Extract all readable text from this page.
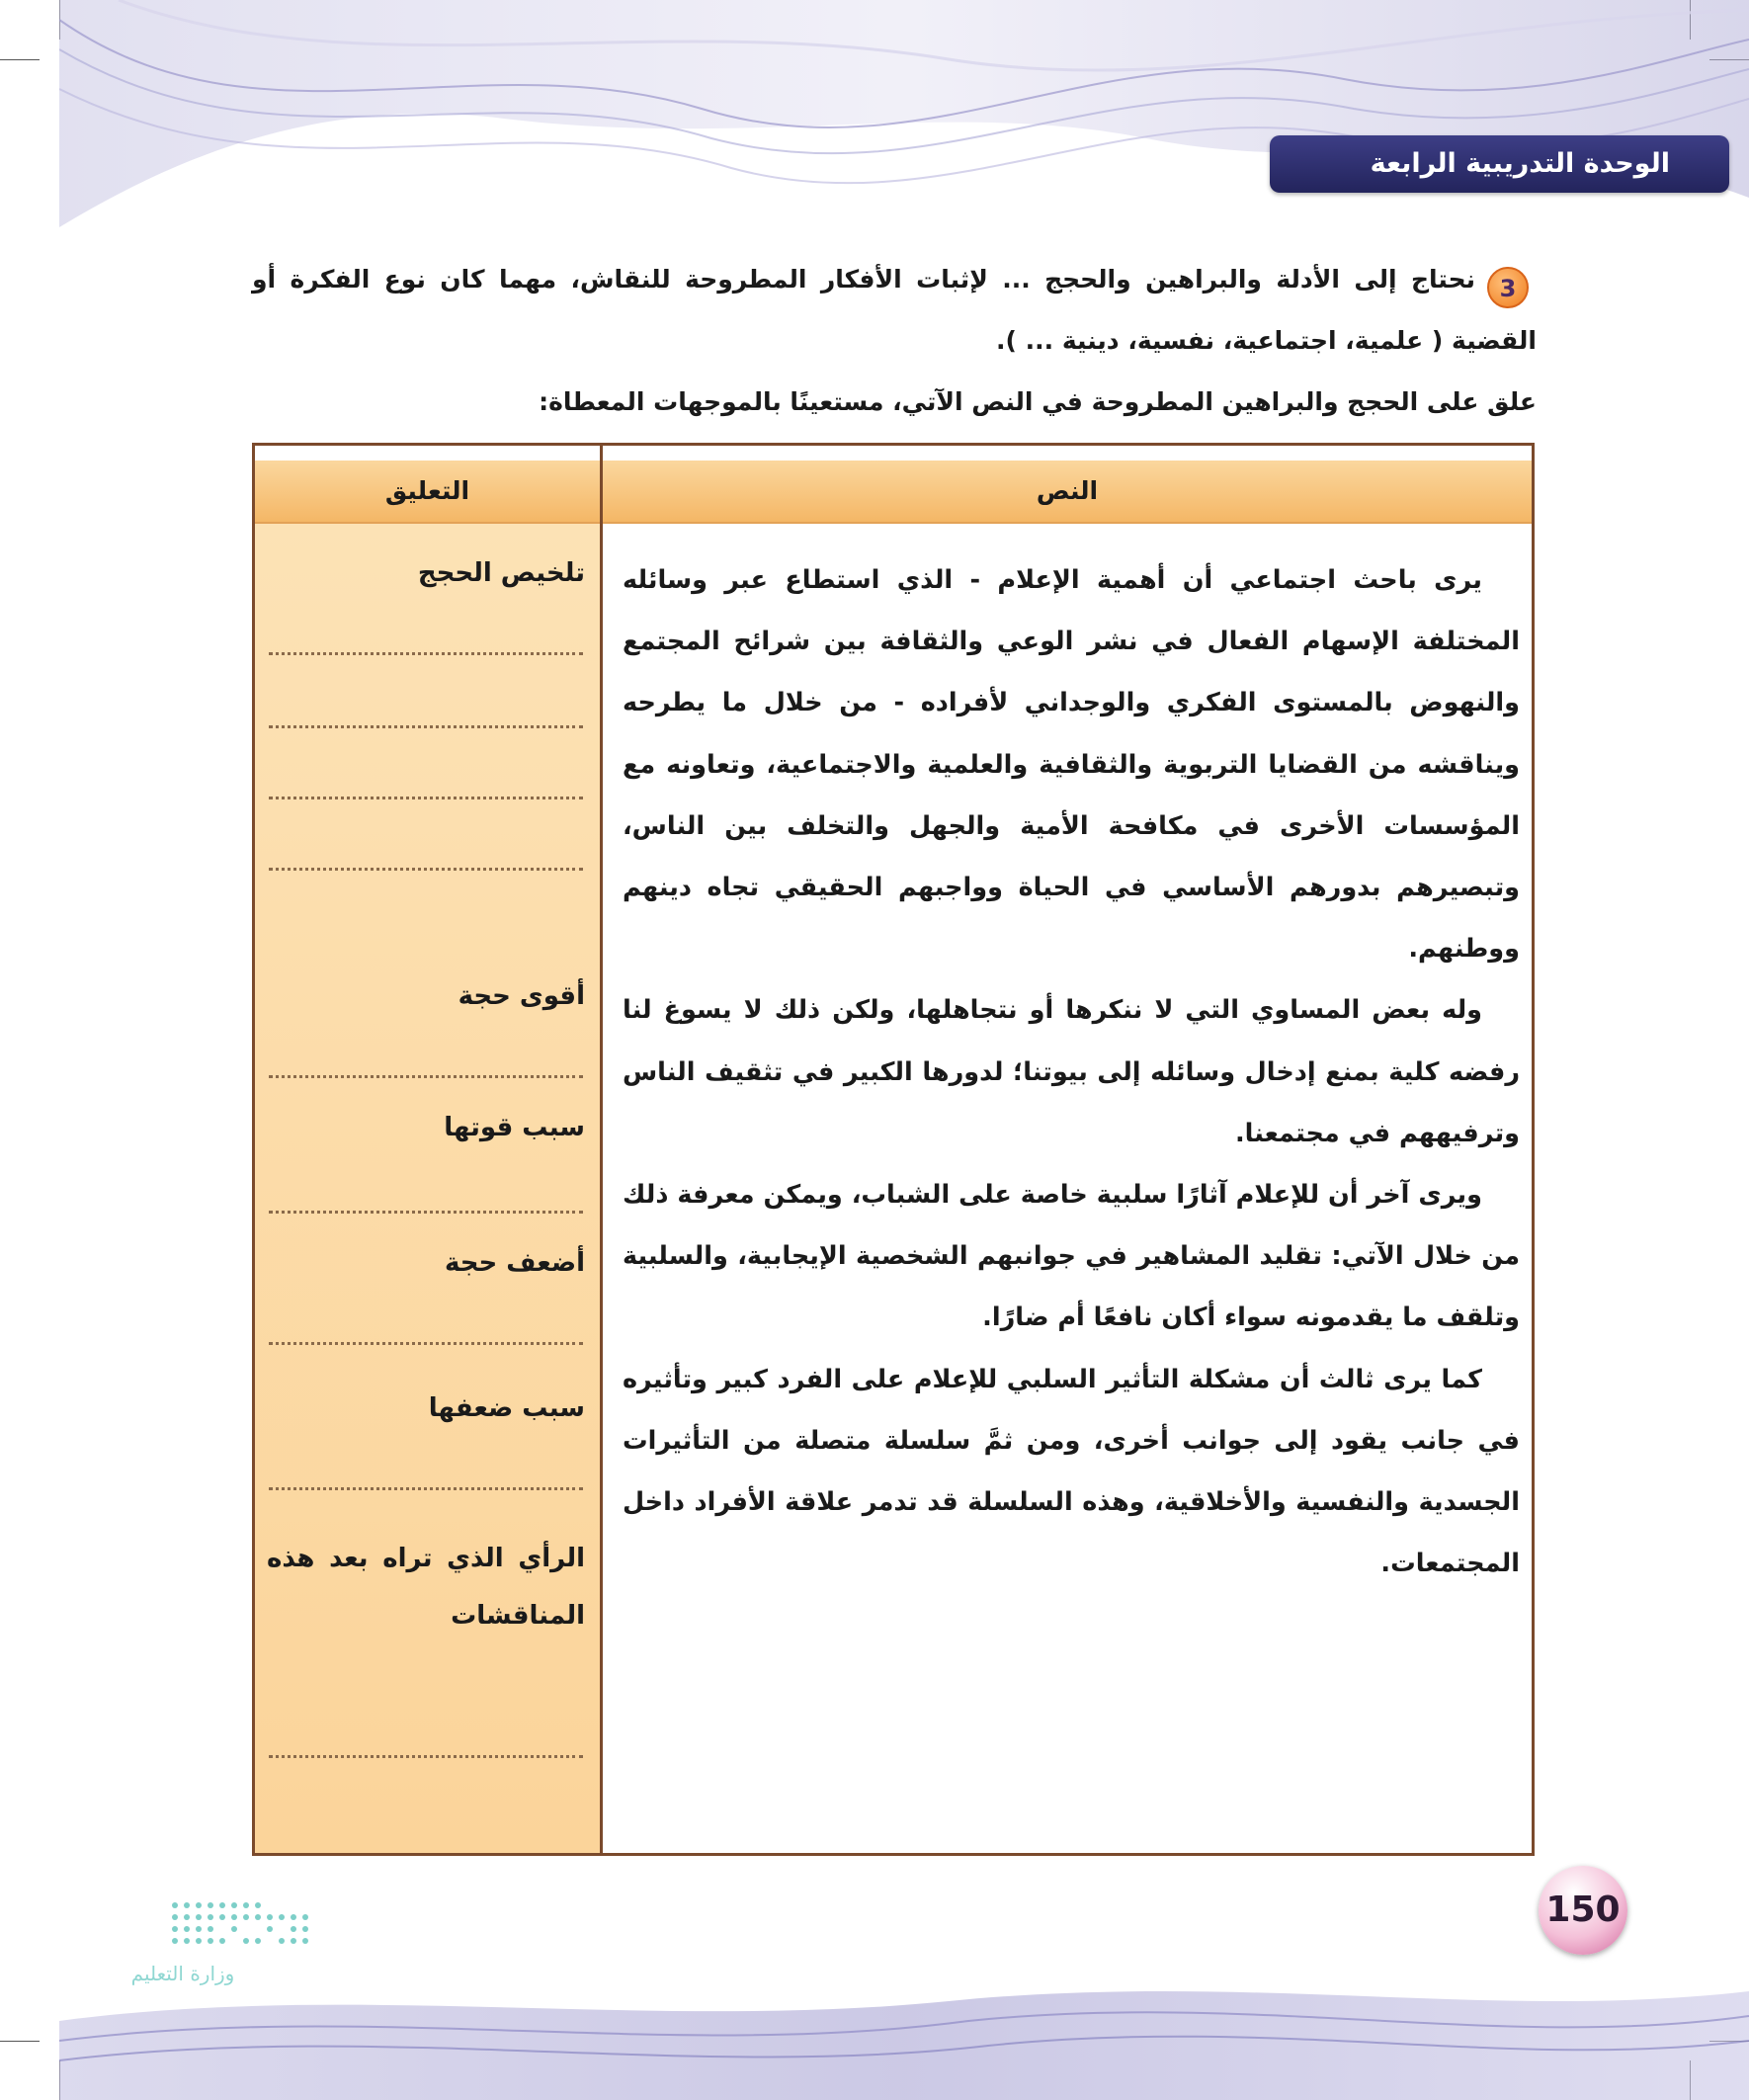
الوحدة التدريبية الرابعة
3
نحتاج إلى الأدلة والبراهين والحجج ... لإثبات الأفكار المطروحة للنقاش، مهما كان نوع الفكرة أو
القضية ( علمية، اجتماعية، نفسية، دينية ... ).
علق على الحجج والبراهين المطروحة في النص الآتي، مستعينًا بالموجهات المعطاة:
النص
التعليق

يرى باحث اجتماعي أن أهمية الإعلام - الذي استطاع عبر وسائله المختلفة الإسهام الفعال في نشر الوعي والثقافة بين شرائح المجتمع والنهوض بالمستوى الفكري والوجداني لأفراده - من خلال ما يطرحه ويناقشه من القضايا التربوية والثقافية والعلمية والاجتماعية، وتعاونه مع المؤسسات الأخرى في مكافحة الأمية والجهل والتخلف بين الناس، وتبصيرهم بدورهم الأساسي في الحياة وواجبهم الحقيقي تجاه دينهم ووطنهم.

وله بعض المساوي التي لا ننكرها أو نتجاهلها، ولكن ذلك لا يسوغ لنا رفضه كلية بمنع إدخال وسائله إلى بيوتنا؛ لدورها الكبير في تثقيف الناس وترفيههم في مجتمعنا.

ويرى آخر أن للإعلام آثارًا سلبية خاصة على الشباب، ويمكن معرفة ذلك من خلال الآتي: تقليد المشاهير في جوانبهم الشخصية الإيجابية، والسلبية وتلقف ما يقدمونه سواء أكان نافعًا أم ضارًا.

كما يرى ثالث أن مشكلة التأثير السلبي للإعلام على الفرد كبير وتأثيره في جانب يقود إلى جوانب أخرى، ومن ثمَّ سلسلة متصلة من التأثيرات الجسدية والنفسية والأخلاقية، وهذه السلسلة قد تدمر علاقة الأفراد داخل المجتمعات.

تلخيص الحجج
أقوى حجة
سبب قوتها
أضعف حجة
سبب ضعفها
الرأي الذي تراه بعد هذه المناقشات
150
وزارة التعليم
